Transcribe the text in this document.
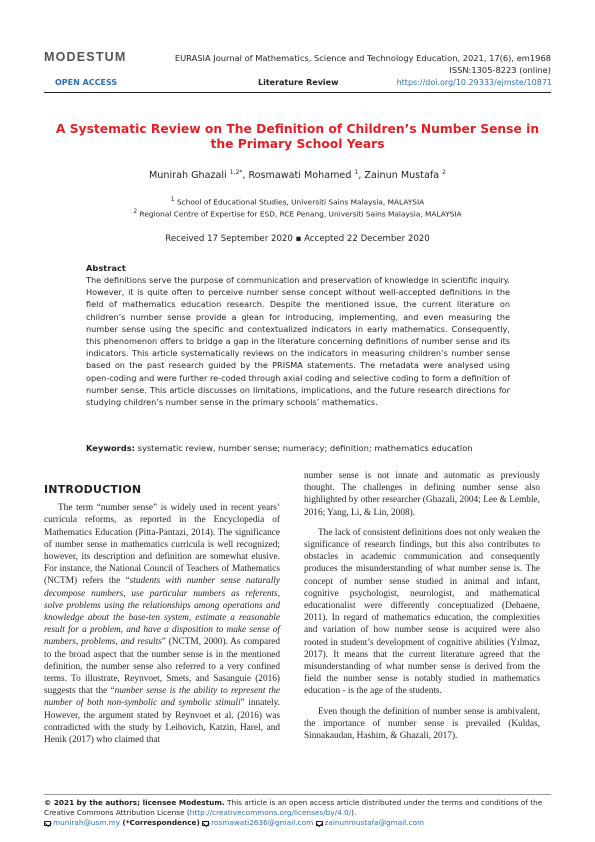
MODESTUM	EURASIA Journal of Mathematics, Science and Technology Education, 2021, 17(6), em1968
ISSN:1305-8223 (online)
OPEN ACCESS	Literature Review	https://doi.org/10.29333/ejmste/10871
A Systematic Review on The Definition of Children’s Number Sense in the Primary School Years
Munirah Ghazali $^{1,2*}$, Rosmawati Mohamed $^1$, Zainun Mustafa $^2$
$^1$ School of Educational Studies, Universiti Sains Malaysia, MALAYSIA
$^2$ Regional Centre of Expertise for ESD, RCE Penang, Universiti Sains Malaysia, MALAYSIA
Received 17 September 2020 ▪ Accepted 22 December 2020
Abstract
The definitions serve the purpose of communication and preservation of knowledge in scientific inquiry. However, it is quite often to perceive number sense concept without well-accepted definitions in the field of mathematics education research. Despite the mentioned issue, the current literature on children’s number sense provide a glean for introducing, implementing, and even measuring the number sense using the specific and contextualized indicators in early mathematics. Consequently, this phenomenon offers to bridge a gap in the literature concerning definitions of number sense and its indicators. This article systematically reviews on the indicators in measuring children’s number sense based on the past research guided by the PRISMA statements. The metadata were analysed using open-coding and were further re-coded through axial coding and selective coding to form a definition of number sense. This article discusses on limitations, implications, and the future research directions for studying children’s number sense in the primary schools’ mathematics.
Keywords: systematic review, number sense; numeracy; definition; mathematics education
INTRODUCTION
The term “number sense” is widely used in recent years’ curricula reforms, as reported in the Encyclopedia of Mathematics Education (Pitta-Pantazi, 2014). The significance of number sense in mathematics curricula is well recognized; however, its description and definition are somewhat elusive. For instance, the National Council of Teachers of Mathematics (NCTM) refers the “students with number sense naturally decompose numbers, use particular numbers as referents, solve problems using the relationships among operations and knowledge about the base-ten system, estimate a reasonable result for a problem, and have a disposition to make sense of numbers, problems, and results” (NCTM, 2000). As compared to the broad aspect that the number sense is in the mentioned definition, the number sense also referred to a very confined terms. To illustrate, Reynvoet, Smets, and Sasanguie (2016) suggests that the “number sense is the ability to represent the number of both non-symbolic and symbolic stimuli” innately. However, the argument stated by Reynvoet et al. (2016) was contradicted with the study by Leibovich, Katzin, Harel, and Henik (2017) who claimed that
number sense is not innate and automatic as previously thought. The challenges in defining number sense also highlighted by other researcher (Ghazali, 2004; Lee & Lemble, 2016; Yang, Li, & Lin, 2008).
The lack of consistent definitions does not only weaken the significance of research findings, but this also contributes to obstacles in academic communication and consequently produces the misunderstanding of what number sense is. The concept of number sense studied in animal and infant, cognitive psychologist, neurologist, and mathematical educationalist were differently conceptualized (Dehaene, 2011). In regard of mathematics education, the complexities and variation of how number sense is acquired were also rooted in student’s development of cognitive abilities (Yılmaz, 2017). It means that the current literature agreed that the misunderstanding of what number sense is derived from the field the number sense is notably studied in mathematics education - is the age of the students.
Even though the definition of number sense is ambivalent, the importance of number sense is prevailed (Kuldas, Sinnakaudan, Hashim, & Ghazali, 2017).
© 2021 by the authors; licensee Modestum. This article is an open access article distributed under the terms and conditions of the Creative Commons Attribution License (http://creativecommons.org/licenses/by/4.0/).
munirah@usm.my (*Correspondence) rosmawati2636@gmail.com zainunmustafa@gmail.com
